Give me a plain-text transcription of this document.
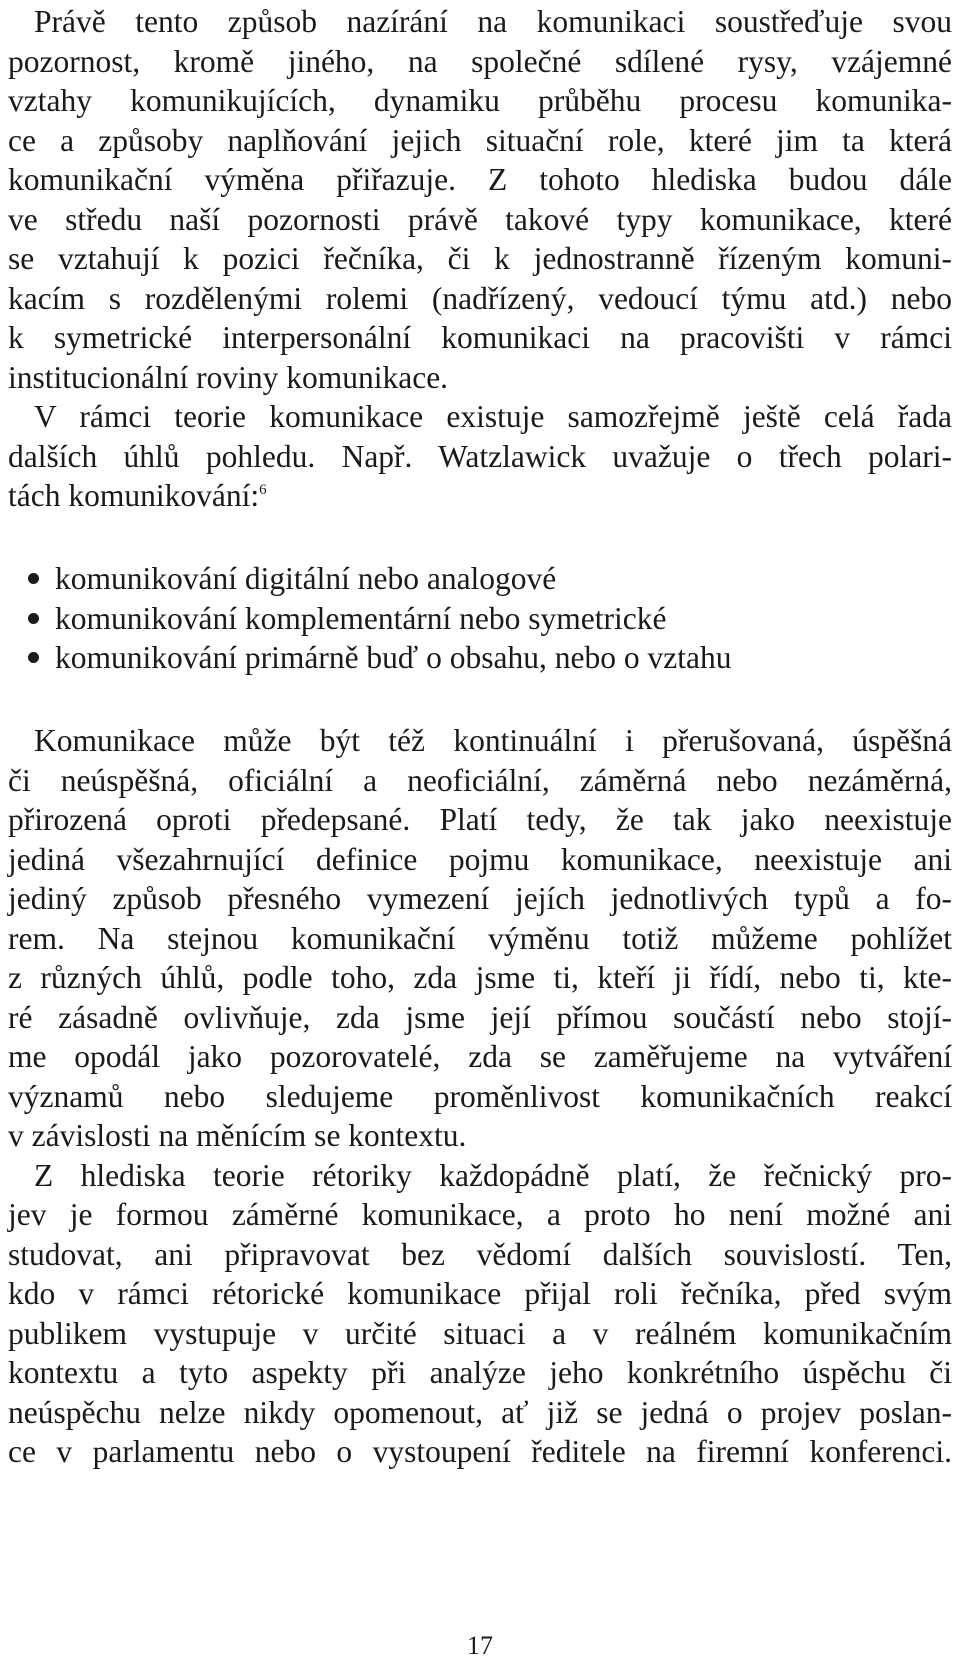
Právě tento způsob nazírání na komunikaci soustřeďuje svou
pozornost, kromě jiného, na společné sdílené rysy, vzájemné
vztahy komunikujících, dynamiku průběhu procesu komunika-
ce a způsoby naplňování jejich situační role, které jim ta která
komunikační výměna přiřazuje. Z tohoto hlediska budou dále
ve středu naší pozornosti právě takové typy komunikace, které
se vztahují k pozici řečníka, či k jednostranně řízeným komuni-
kacím s rozdělenými rolemi (nadřízený, vedoucí týmu atd.) nebo
k symetrické interpersonální komunikaci na pracovišti v rámci
institucionální roviny komunikace.
V rámci teorie komunikace existuje samozřejmě ještě celá řada
dalších úhlů pohledu. Např. Watzlawick uvažuje o třech polari-
tách komunikování:$^6$
komunikování digitální nebo analogové
komunikování komplementární nebo symetrické
komunikování primárně buď o obsahu, nebo o vztahu
Komunikace může být též kontinuální i přerušovaná, úspěšná
či neúspěšná, oficiální a neoficiální, záměrná nebo nezáměrná,
přirozená oproti předepsané. Platí tedy, že tak jako neexistuje
jediná všezahrnující definice pojmu komunikace, neexistuje ani
jediný způsob přesného vymezení jejích jednotlivých typů a fo-
rem. Na stejnou komunikační výměnu totiž můžeme pohlížet
z různých úhlů, podle toho, zda jsme ti, kteří ji řídí, nebo ti, kte-
ré zásadně ovlivňuje, zda jsme její přímou součástí nebo stojí-
me opodál jako pozorovatelé, zda se zaměřujeme na vytváření
významů nebo sledujeme proměnlivost komunikačních reakcí
v závislosti na měnícím se kontextu.
Z hlediska teorie rétoriky každopádně platí, že řečnický pro-
jev je formou záměrné komunikace, a proto ho není možné ani
studovat, ani připravovat bez vědomí dalších souvislostí. Ten,
kdo v rámci rétorické komunikace přijal roli řečníka, před svým
publikem vystupuje v určité situaci a v reálném komunikačním
kontextu a tyto aspekty při analýze jeho konkrétního úspěchu či
neúspěchu nelze nikdy opomenout, ať již se jedná o projev poslan-
ce v parlamentu nebo o vystoupení ředitele na firemní konferenci.
17
